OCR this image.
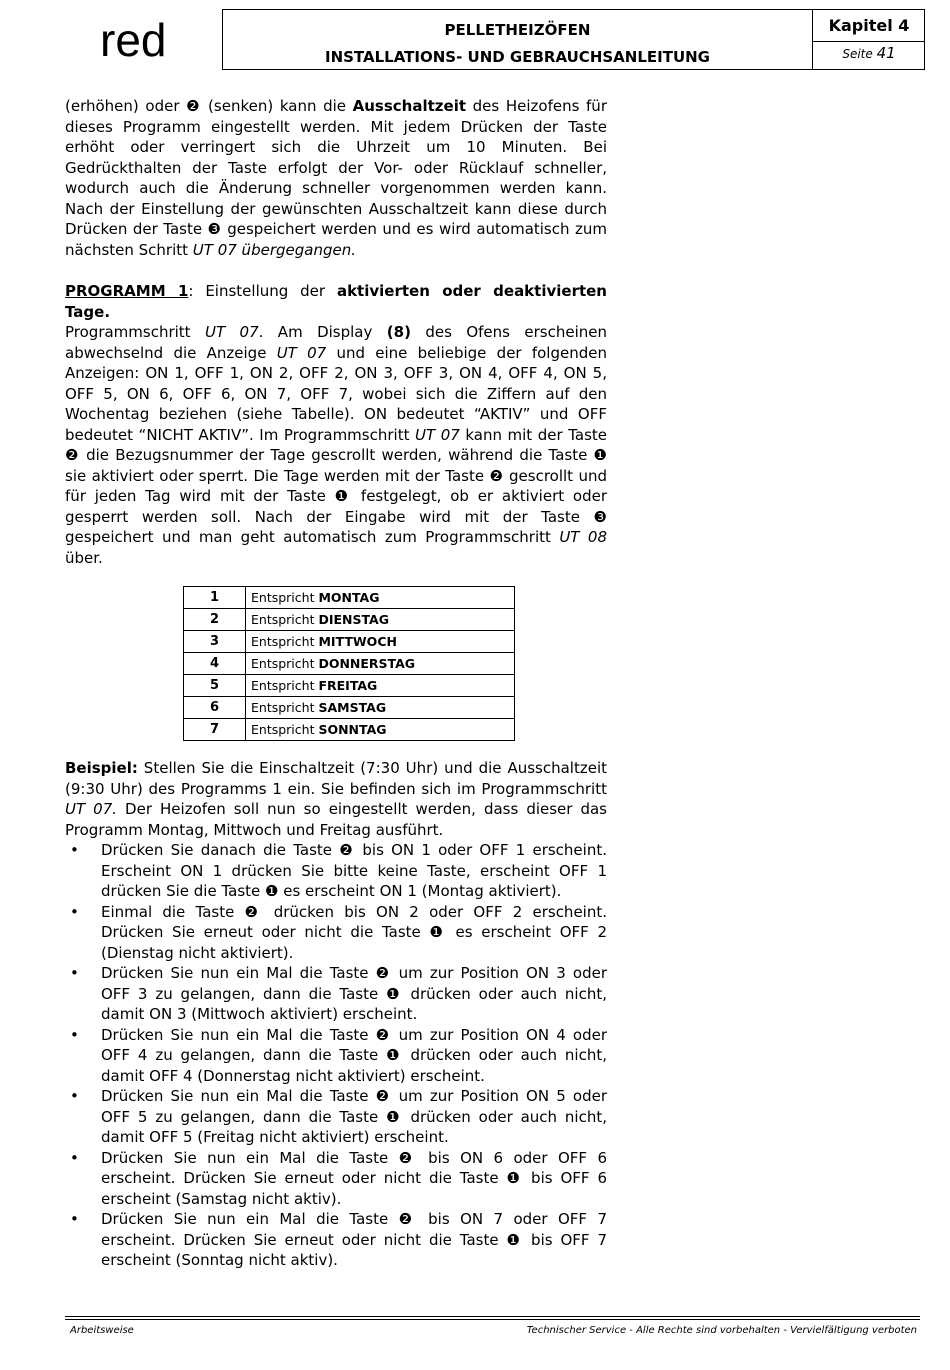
red	PELLETHEIZÖFEN
INSTALLATIONS- UND GEBRAUCHSANLEITUNG
Kapitel 4
Seite 41

(erhöhen) oder ❷ (senken) kann die Ausschaltzeit des Heizofens für dieses Programm eingestellt werden. Mit jedem Drücken der Taste erhöht oder verringert sich die Uhrzeit um 10 Minuten. Bei Gedrückthalten der Taste erfolgt der Vor- oder Rücklauf schneller, wodurch auch die Änderung schneller vorgenommen werden kann. Nach der Einstellung der gewünschten Ausschaltzeit kann diese durch Drücken der Taste ❸ gespeichert werden und es wird automatisch zum nächsten Schritt UT 07 übergegangen.

PROGRAMM 1: Einstellung der aktivierten oder deaktivierten Tage.

Programmschritt UT 07. Am Display (8) des Ofens erscheinen abwechselnd die Anzeige UT 07 und eine beliebige der folgenden Anzeigen: ON 1, OFF 1, ON 2, OFF 2, ON 3, OFF 3, ON 4, OFF 4, ON 5, OFF 5, ON 6, OFF 6, ON 7, OFF 7, wobei sich die Ziffern auf den Wochentag beziehen (siehe Tabelle). ON bedeutet “AKTIV” und OFF bedeutet “NICHT AKTIV”. Im Programmschritt UT 07 kann mit der Taste ❷ die Bezugsnummer der Tage gescrollt werden, während die Taste ❶ sie aktiviert oder sperrt. Die Tage werden mit der Taste ❷ gescrollt und für jeden Tag wird mit der Taste ❶ festgelegt, ob er aktiviert oder gesperrt werden soll. Nach der Eingabe wird mit der Taste ❸ gespeichert und man geht automatisch zum Programmschritt UT 08 über.

1	Entspricht MONTAG
2	Entspricht DIENSTAG
3	Entspricht MITTWOCH
4	Entspricht DONNERSTAG
5	Entspricht FREITAG
6	Entspricht SAMSTAG
7	Entspricht SONNTAG

Beispiel: Stellen Sie die Einschaltzeit (7:30 Uhr) und die Ausschaltzeit (9:30 Uhr) des Programms 1 ein. Sie befinden sich im Programmschritt UT 07. Der Heizofen soll nun so eingestellt werden, dass dieser das Programm Montag, Mittwoch und Freitag ausführt.

• Drücken Sie danach die Taste ❷ bis ON 1 oder OFF 1 erscheint. Erscheint ON 1 drücken Sie bitte keine Taste, erscheint OFF 1 drücken Sie die Taste ❶ es erscheint ON 1 (Montag aktiviert).
• Einmal die Taste ❷ drücken bis ON 2 oder OFF 2 erscheint. Drücken Sie erneut oder nicht die Taste ❶ es erscheint OFF 2 (Dienstag nicht aktiviert).
• Drücken Sie nun ein Mal die Taste ❷ um zur Position ON 3 oder OFF 3 zu gelangen, dann die Taste ❶ drücken oder auch nicht, damit ON 3 (Mittwoch aktiviert) erscheint.
• Drücken Sie nun ein Mal die Taste ❷ um zur Position ON 4 oder OFF 4 zu gelangen, dann die Taste ❶ drücken oder auch nicht, damit OFF 4 (Donnerstag nicht aktiviert) erscheint.
• Drücken Sie nun ein Mal die Taste ❷ um zur Position ON 5 oder OFF 5 zu gelangen, dann die Taste ❶ drücken oder auch nicht, damit OFF 5 (Freitag nicht aktiviert) erscheint.
• Drücken Sie nun ein Mal die Taste ❷ bis ON 6 oder OFF 6 erscheint. Drücken Sie erneut oder nicht die Taste ❶ bis OFF 6 erscheint (Samstag nicht aktiv).
• Drücken Sie nun ein Mal die Taste ❷ bis ON 7 oder OFF 7 erscheint. Drücken Sie erneut oder nicht die Taste ❶ bis OFF 7 erscheint (Sonntag nicht aktiv).
Arbeitsweise	Technischer Service - Alle Rechte sind vorbehalten - Vervielfältigung verboten
